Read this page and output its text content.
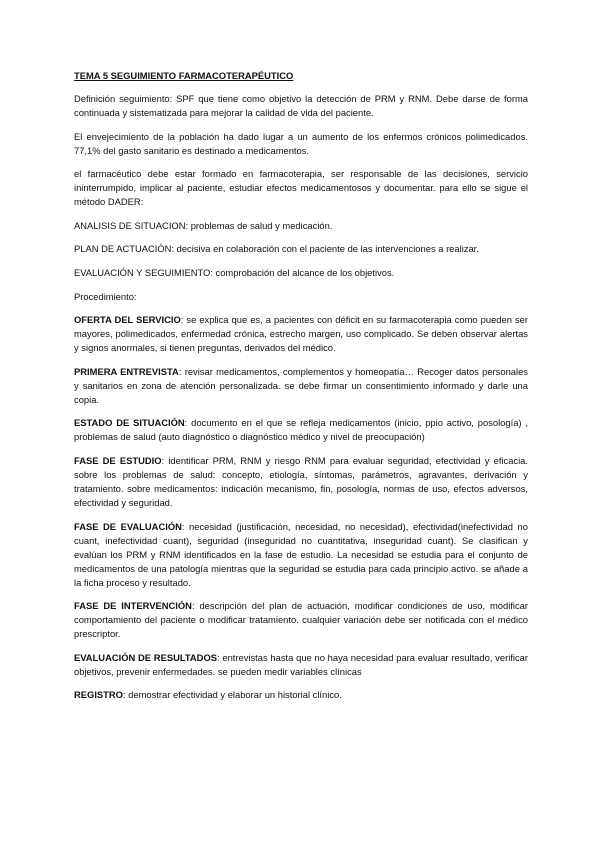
TEMA 5 SEGUIMIENTO FARMACOTERAPÉUTICO

Definición seguimiento: SPF que tiene como objetivo la detección de PRM y RNM. Debe darse de forma continuada y sistematizada para mejorar la calidad de vida del paciente.

El envejecimiento de la población ha dado lugar a un aumento de los enfermos crónicos polimedicados. 77,1% del gasto sanitario es destinado a medicamentos.

el farmacéutico debe estar formado en farmacoterapia, ser responsable de las decisiones, servicio ininterrumpido, implicar al paciente, estudiar efectos medicamentosos y documentar. para ello se sigue el método DADER:

ANALISIS DE SITUACION: problemas de salud y medicación.

PLAN DE ACTUACIÓN: decisiva en colaboración con el paciente de las intervenciones a realizar.

EVALUACIÓN Y SEGUIMIENTO: comprobación del alcance de los objetivos.

Procedimiento:

OFERTA DEL SERVICIO: se explica que es, a pacientes con déficit en su farmacoterapia como pueden ser mayores, polimedicados, enfermedad crónica, estrecho margen, uso complicado. Se deben observar alertas y signos anormales, si tienen preguntas, derivados del médico.

PRIMERA ENTREVISTA: revisar medicamentos, complementos y homeopatía… Recoger datos personales y sanitarios en zona de atención personalizada. se debe firmar un consentimiento informado y darle una copia.

ESTADO DE SITUACIÓN: documento en el que se refleja medicamentos (inicio, ppio activo, posología) , problemas de salud (auto diagnóstico o diagnóstico médico y nivel de preocupación)

FASE DE ESTUDIO: identificar PRM, RNM y riesgo RNM para evaluar seguridad, efectividad y eficacia. sobre los problemas de salud: concepto, etiología, síntomas, parámetros, agravantes, derivación y tratamiento. sobre medicamentos: indicación mecanismo, fin, posología, normas de uso, efectos adversos, efectividad y seguridad.

FASE DE EVALUACIÓN: necesidad (justificación, necesidad, no necesidad), efectividad(inefectividad no cuant, inefectividad cuant), seguridad (inseguridad no cuantitativa, inseguridad cuant). Se clasifican y evalúan los PRM y RNM identificados en la fase de estudio. La necesidad se estudia para el conjunto de medicamentos de una patología mientras que la seguridad se estudia para cada principio activo. se añade a la ficha proceso y resultado.

FASE DE INTERVENCIÓN: descripción del plan de actuación, modificar condiciones de uso, modificar comportamiento del paciente o modificar tratamiento. cualquier variación debe ser notificada con el médico prescriptor.

EVALUACIÓN DE RESULTADOS: entrevistas hasta que no haya necesidad para evaluar resultado, verificar objetivos, prevenir enfermedades. se pueden medir variables clínicas

REGISTRO: demostrar efectividad y elaborar un historial clínico.
